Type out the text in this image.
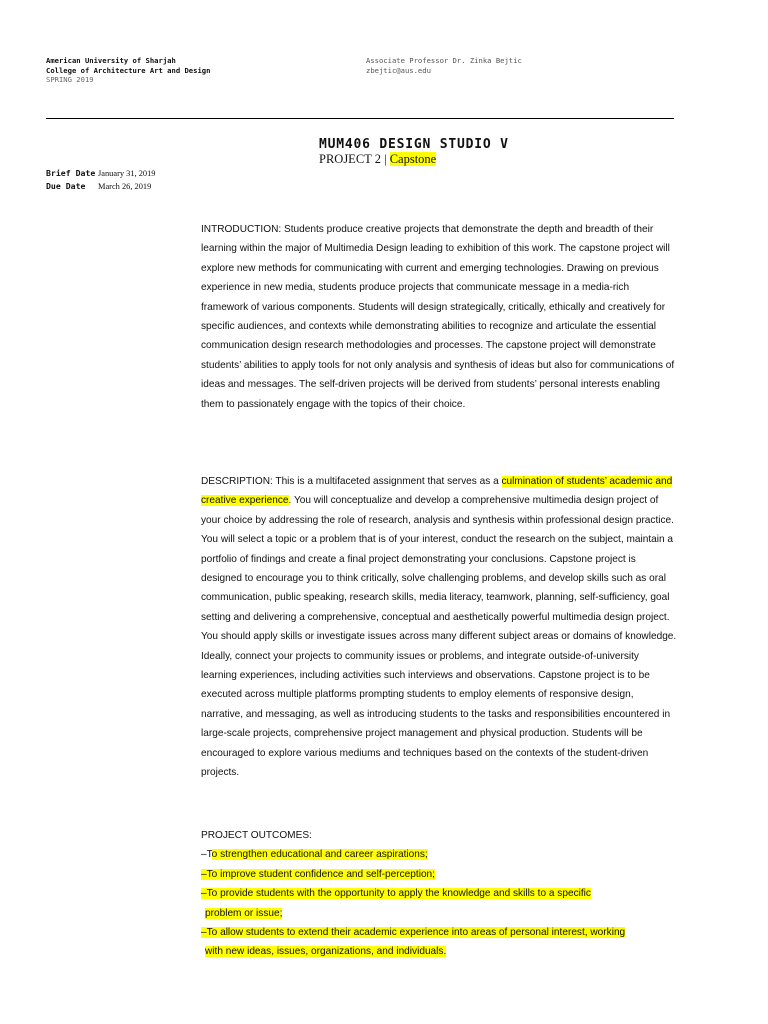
American University of Sharjah
College of Architecture Art and Design
SPRING 2019
Associate Professor Dr. Zinka Bejtic
zbejtic@aus.edu
MUM406 DESIGN STUDIO V
PROJECT 2 | Capstone
Brief Date January 31, 2019
Due Date March 26, 2019
INTRODUCTION: Students produce creative projects that demonstrate the depth and breadth of their learning within the major of Multimedia Design leading to exhibition of this work. The capstone project will explore new methods for communicating with current and emerging technologies. Drawing on previous experience in new media, students produce projects that communicate message in a media-rich framework of various components. Students will design strategically, critically, ethically and creatively for specific audiences, and contexts while demonstrating abilities to recognize and articulate the essential communication design research methodologies and processes. The capstone project will demonstrate students’ abilities to apply tools for not only analysis and synthesis of ideas but also for communications of ideas and messages. The self-driven projects will be derived from students’ personal interests enabling them to passionately engage with the topics of their choice.
DESCRIPTION: This is a multifaceted assignment that serves as a culmination of students’ academic and creative experience. You will conceptualize and develop a comprehensive multimedia design project of your choice by addressing the role of research, analysis and synthesis within professional design practice. You will select a topic or a problem that is of your interest, conduct the research on the subject, maintain a portfolio of findings and create a final project demonstrating your conclusions. Capstone project is designed to encourage you to think critically, solve challenging problems, and develop skills such as oral communication, public speaking, research skills, media literacy, teamwork, planning, self-sufficiency, goal setting and delivering a comprehensive, conceptual and aesthetically powerful multimedia design project. You should apply skills or investigate issues across many different subject areas or domains of knowledge. Ideally, connect your projects to community issues or problems, and integrate outside-of-university learning experiences, including activities such interviews and observations. Capstone project is to be executed across multiple platforms prompting students to employ elements of responsive design, narrative, and messaging, as well as introducing students to the tasks and responsibilities encountered in large-scale projects, comprehensive project management and physical production. Students will be encouraged to explore various mediums and techniques based on the contexts of the student-driven projects.
PROJECT OUTCOMES:
–To strengthen educational and career aspirations;
–To improve student confidence and self-perception;
–To provide students with the opportunity to apply the knowledge and skills to a specific
problem or issue;
–To allow students to extend their academic experience into areas of personal interest, working
with new ideas, issues, organizations, and individuals.
